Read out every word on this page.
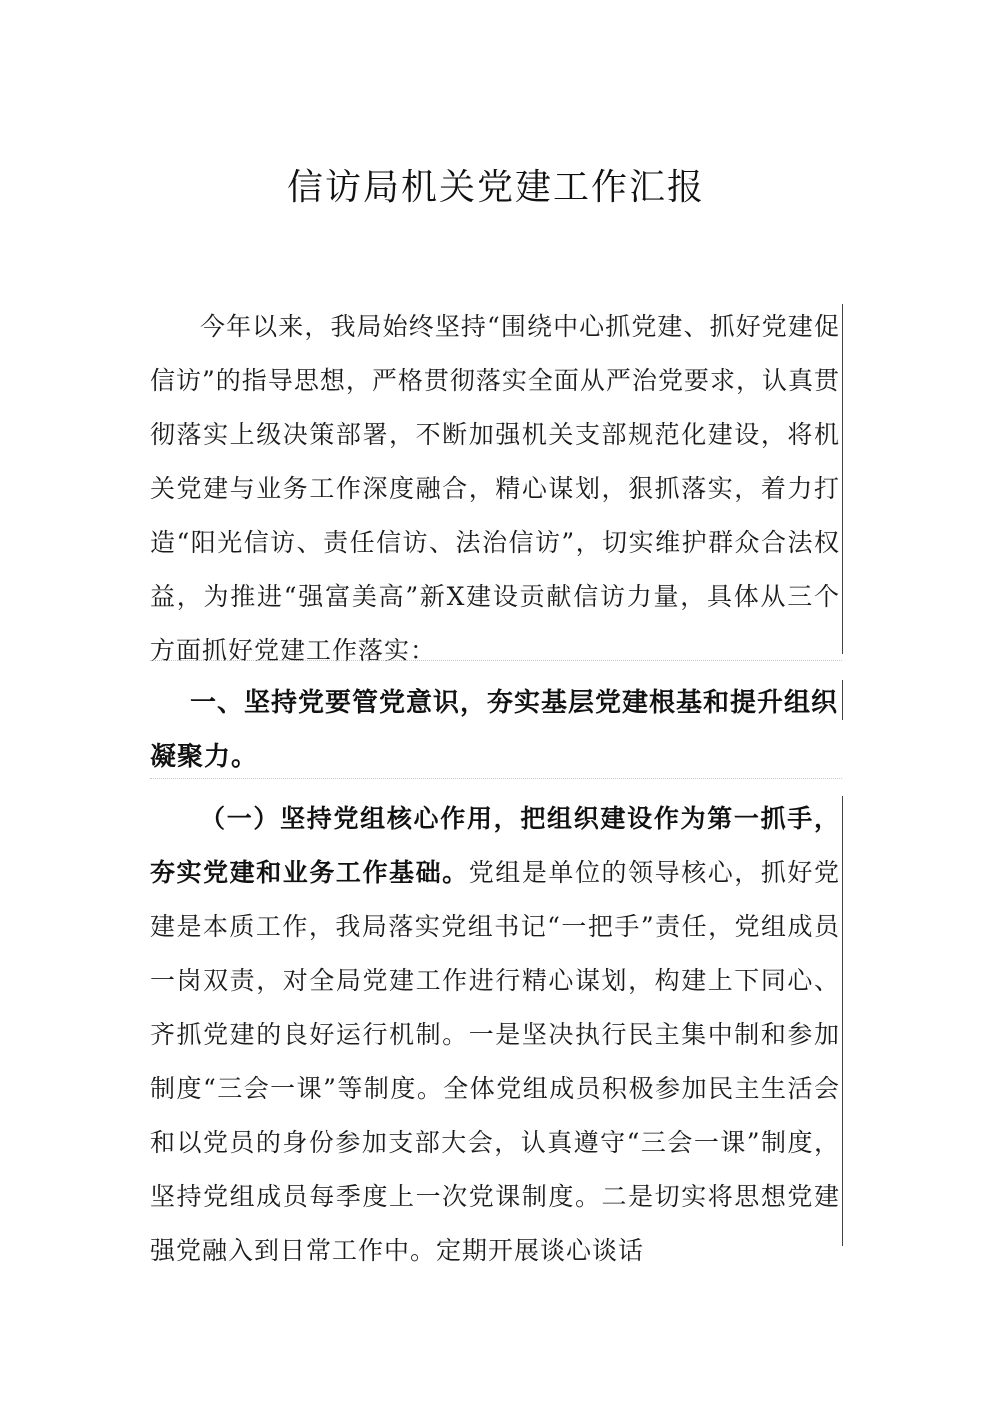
信访局机关党建工作汇报
今年以来，我局始终坚持“围绕中心抓党建、抓好党建促信访”的指导思想，严格贯彻落实全面从严治党要求，认真贯彻落实上级决策部署，不断加强机关支部规范化建设，将机关党建与业务工作深度融合，精心谋划，狠抓落实，着力打造“阳光信访、责任信访、法治信访”，切实维护群众合法权益，为推进“强富美高”新X建设贡献信访力量，具体从三个方面抓好党建工作落实：
一、坚持党要管党意识，夯实基层党建根基和提升组织凝聚力。
（一）坚持党组核心作用，把组织建设作为第一抓手，夯实党建和业务工作基础。党组是单位的领导核心，抓好党建是本质工作，我局落实党组书记“一把手”责任，党组成员一岗双责，对全局党建工作进行精心谋划，构建上下同心、齐抓党建的良好运行机制。一是坚决执行民主集中制和参加制度“三会一课”等制度。全体党组成员积极参加民主生活会和以党员的身份参加支部大会，认真遵守“三会一课”制度，坚持党组成员每季度上一次党课制度。二是切实将思想党建强党融入到日常工作中。定期开展谈心谈话
